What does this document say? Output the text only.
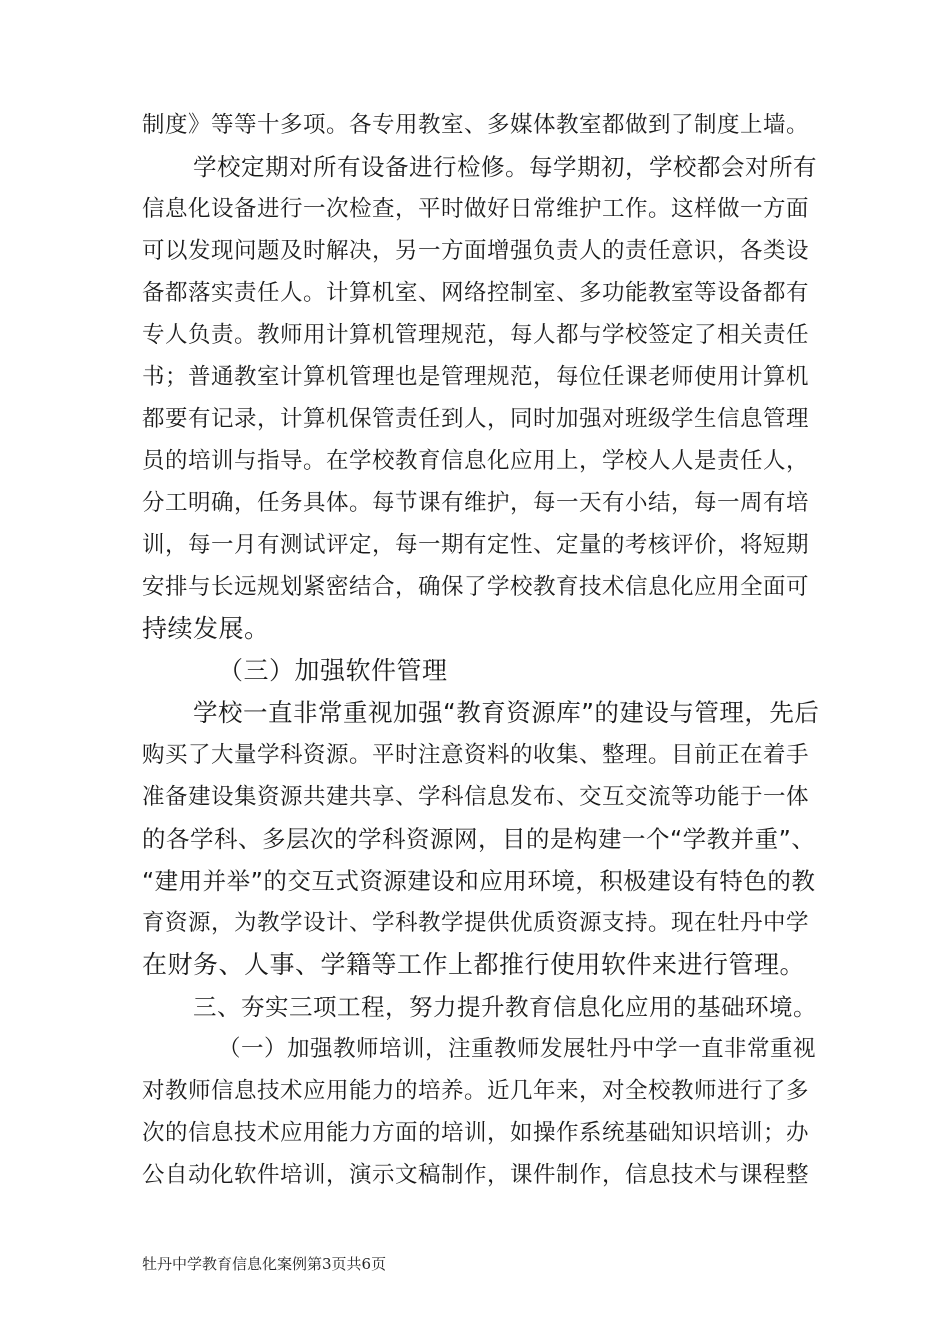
制度》等等十多项。各专用教室、多媒体教室都做到了制度上墙。
学校定期对所有设备进行检修。每学期初，学校都会对所有
信息化设备进行一次检查，平时做好日常维护工作。这样做一方面
可以发现问题及时解决，另一方面增强负责人的责任意识，各类设
备都落实责任人。计算机室、网络控制室、多功能教室等设备都有
专人负责。教师用计算机管理规范，每人都与学校签定了相关责任
书；普通教室计算机管理也是管理规范，每位任课老师使用计算机
都要有记录，计算机保管责任到人，同时加强对班级学生信息管理
员的培训与指导。在学校教育信息化应用上，学校人人是责任人，
分工明确，任务具体。每节课有维护，每一天有小结，每一周有培
训，每一月有测试评定，每一期有定性、定量的考核评价，将短期
安排与长远规划紧密结合，确保了学校教育技术信息化应用全面可
持续发展。
（三）加强软件管理
学校一直非常重视加强“教育资源库”的建设与管理，先后
购买了大量学科资源。平时注意资料的收集、整理。目前正在着手
准备建设集资源共建共享、学科信息发布、交互交流等功能于一体
的各学科、多层次的学科资源网，目的是构建一个“学教并重”、
“建用并举”的交互式资源建设和应用环境，积极建设有特色的教
育资源，为教学设计、学科教学提供优质资源支持。现在牡丹中学
在财务、人事、学籍等工作上都推行使用软件来进行管理。
三、夯实三项工程，努力提升教育信息化应用的基础环境。
（一）加强教师培训，注重教师发展牡丹中学一直非常重视
对教师信息技术应用能力的培养。近几年来，对全校教师进行了多
次的信息技术应用能力方面的培训，如操作系统基础知识培训；办
公自动化软件培训，演示文稿制作，课件制作，信息技术与课程整
牡丹中学教育信息化案例第3页共6页
